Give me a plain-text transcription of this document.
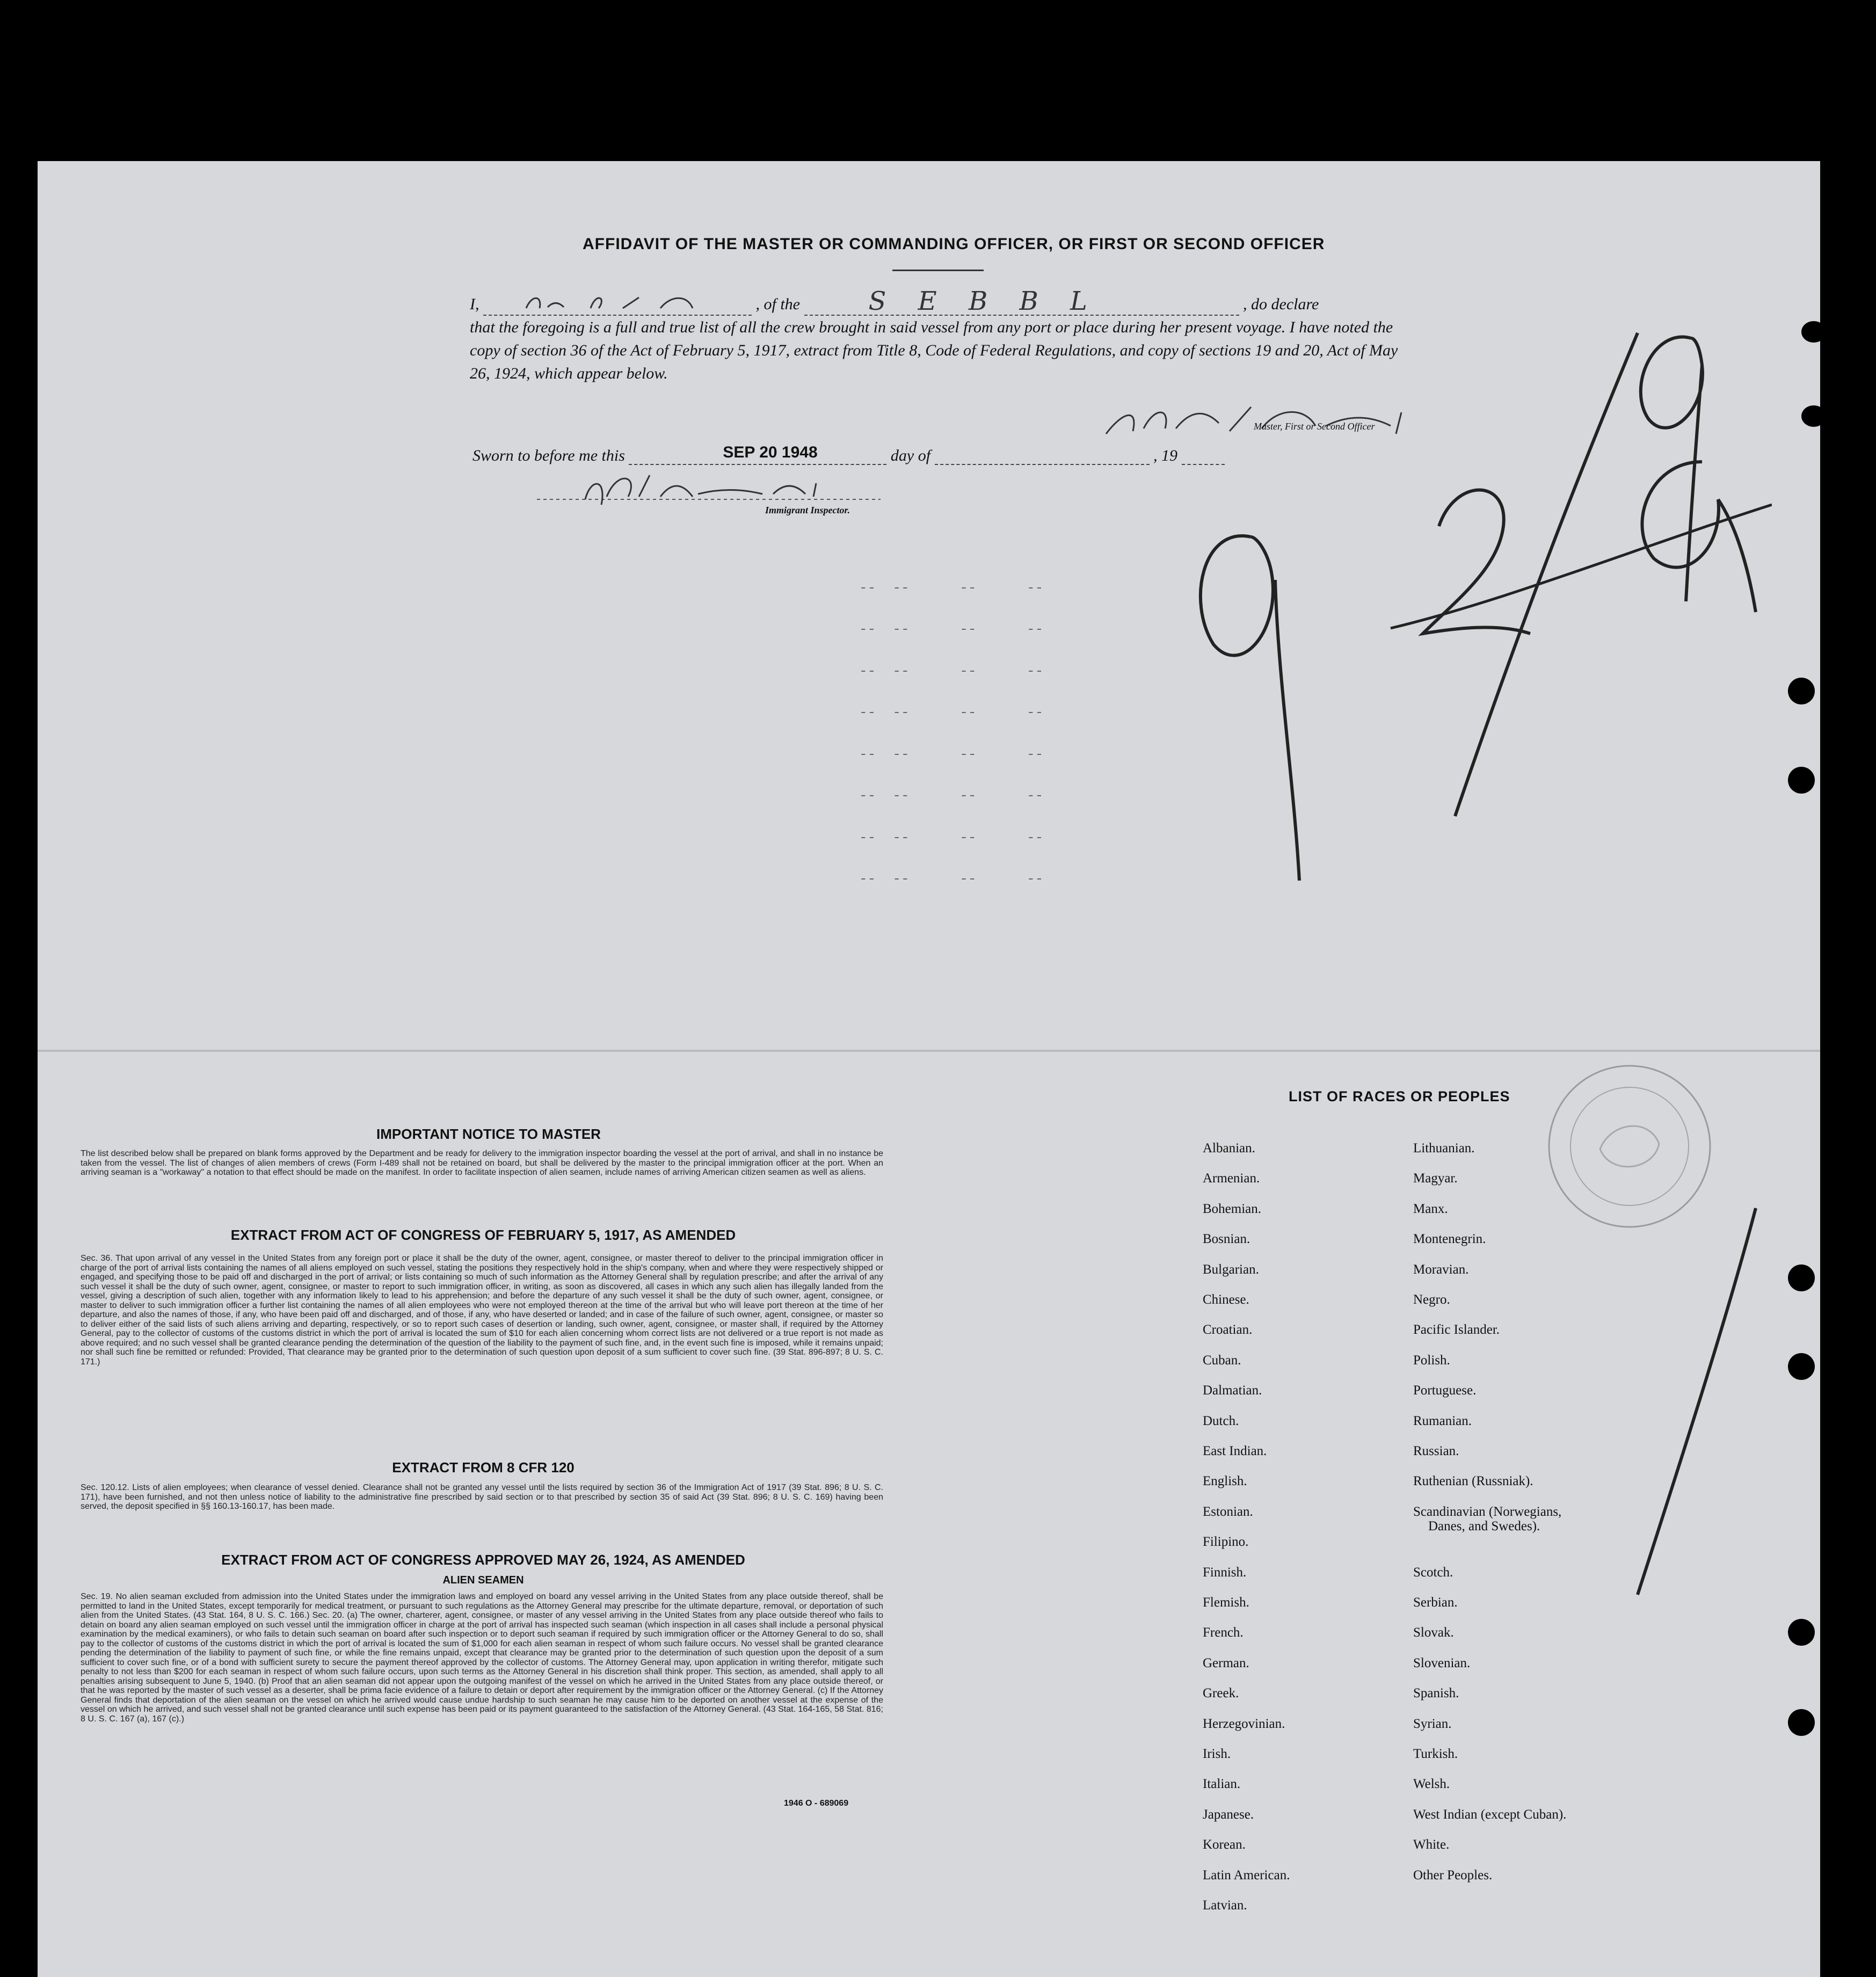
AFFIDAVIT OF THE MASTER OR COMMANDING OFFICER, OR FIRST OR SECOND OFFICER
I,	, of the	S E B B L	, do declare
that the foregoing is a full and true list of all the crew brought in said vessel from any port or place during her present voyage. I have noted the copy of section 36 of the Act of February 5, 1917, extract from Title 8, Code of Federal Regulations, and copy of sections 19 and 20, Act of May 26, 1924, which appear below.
Master, First or Second Officer
Sworn to before me this	SEP 20 1948	day of	, 19
Immigrant Inspector.
--  --      --      --
--  --      --      --
--  --      --      --
--  --      --      --
--  --      --      --
--  --      --      --
--  --      --      --
--  --      --      --
IMPORTANT NOTICE TO MASTER
The list described below shall be prepared on blank forms approved by the Department and be ready for delivery to the immigration inspector boarding the vessel at the port of arrival, and shall in no instance be taken from the vessel. The list of changes of alien members of crews (Form I-489 shall not be retained on board, but shall be delivered by the master to the principal immigration officer at the port. When an arriving seaman is a "workaway" a notation to that effect should be made on the manifest. In order to facilitate inspection of alien seamen, include names of arriving American citizen seamen as well as aliens.
EXTRACT FROM ACT OF CONGRESS OF FEBRUARY 5, 1917, AS AMENDED
Sec. 36. That upon arrival of any vessel in the United States from any foreign port or place it shall be the duty of the owner, agent, consignee, or master thereof to deliver to the principal immigration officer in charge of the port of arrival lists containing the names of all aliens employed on such vessel, stating the positions they respectively hold in the ship's company, when and where they were respectively shipped or engaged, and specifying those to be paid off and discharged in the port of arrival; or lists containing so much of such information as the Attorney General shall by regulation prescribe; and after the arrival of any such vessel it shall be the duty of such owner, agent, consignee, or master to report to such immigration officer, in writing, as soon as discovered, all cases in which any such alien has illegally landed from the vessel, giving a description of such alien, together with any information likely to lead to his apprehension; and before the departure of any such vessel it shall be the duty of such owner, agent, consignee, or master to deliver to such immigration officer a further list containing the names of all alien employees who were not employed thereon at the time of the arrival but who will leave port thereon at the time of her departure, and also the names of those, if any, who have been paid off and discharged, and of those, if any, who have deserted or landed; and in case of the failure of such owner, agent, consignee, or master so to deliver either of the said lists of such aliens arriving and departing, respectively, or so to report such cases of desertion or landing, such owner, agent, consignee, or master shall, if required by the Attorney General, pay to the collector of customs of the customs district in which the port of arrival is located the sum of $10 for each alien concerning whom correct lists are not delivered or a true report is not made as above required; and no such vessel shall be granted clearance pending the determination of the question of the liability to the payment of such fine, and, in the event such fine is imposed, while it remains unpaid; nor shall such fine be remitted or refunded: Provided, That clearance may be granted prior to the determination of such question upon deposit of a sum sufficient to cover such fine. (39 Stat. 896-897; 8 U. S. C. 171.)
EXTRACT FROM 8 CFR 120
Sec. 120.12. Lists of alien employees; when clearance of vessel denied. Clearance shall not be granted any vessel until the lists required by section 36 of the Immigration Act of 1917 (39 Stat. 896; 8 U. S. C. 171), have been furnished, and not then unless notice of liability to the administrative fine prescribed by said section or to that prescribed by section 35 of said Act (39 Stat. 896; 8 U. S. C. 169) having been served, the deposit specified in §§ 160.13-160.17, has been made.
EXTRACT FROM ACT OF CONGRESS APPROVED MAY 26, 1924, AS AMENDED
ALIEN SEAMEN
Sec. 19. No alien seaman excluded from admission into the United States under the immigration laws and employed on board any vessel arriving in the United States from any place outside thereof, shall be permitted to land in the United States, except temporarily for medical treatment, or pursuant to such regulations as the Attorney General may prescribe for the ultimate departure, removal, or deportation of such alien from the United States. (43 Stat. 164, 8 U. S. C. 166.) Sec. 20. (a) The owner, charterer, agent, consignee, or master of any vessel arriving in the United States from any place outside thereof who fails to detain on board any alien seaman employed on such vessel until the immigration officer in charge at the port of arrival has inspected such seaman (which inspection in all cases shall include a personal physical examination by the medical examiners), or who fails to detain such seaman on board after such inspection or to deport such seaman if required by such immigration officer or the Attorney General to do so, shall pay to the collector of customs of the customs district in which the port of arrival is located the sum of $1,000 for each alien seaman in respect of whom such failure occurs. No vessel shall be granted clearance pending the determination of the liability to payment of such fine, or while the fine remains unpaid, except that clearance may be granted prior to the determination of such question upon the deposit of a sum sufficient to cover such fine, or of a bond with sufficient surety to secure the payment thereof approved by the collector of customs. The Attorney General may, upon application in writing therefor, mitigate such penalty to not less than $200 for each seaman in respect of whom such failure occurs, upon such terms as the Attorney General in his discretion shall think proper. This section, as amended, shall apply to all penalties arising subsequent to June 5, 1940. (b) Proof that an alien seaman did not appear upon the outgoing manifest of the vessel on which he arrived in the United States from any place outside thereof, or that he was reported by the master of such vessel as a deserter, shall be prima facie evidence of a failure to detain or deport after requirement by the immigration officer or the Attorney General. (c) If the Attorney General finds that deportation of the alien seaman on the vessel on which he arrived would cause undue hardship to such seaman he may cause him to be deported on another vessel at the expense of the vessel on which he arrived, and such vessel shall not be granted clearance until such expense has been paid or its payment guaranteed to the satisfaction of the Attorney General. (43 Stat. 164-165, 58 Stat. 816; 8 U. S. C. 167 (a), 167 (c).)
1946 O - 689069
LIST OF RACES OR PEOPLES
Albanian.
Armenian.
Bohemian.
Bosnian.
Bulgarian.
Chinese.
Croatian.
Cuban.
Dalmatian.
Dutch.
East Indian.
English.
Estonian.
Filipino.
Finnish.
Flemish.
French.
German.
Greek.
Herzegovinian.
Irish.
Italian.
Japanese.
Korean.
Latin American.
Latvian.
Lithuanian.
Magyar.
Manx.
Montenegrin.
Moravian.
Negro.
Pacific Islander.
Polish.
Portuguese.
Rumanian.
Russian.
Ruthenian (Russniak).
Scandinavian (Norwegians,
Danes, and Swedes).
Scotch.
Serbian.
Slovak.
Slovenian.
Spanish.
Syrian.
Turkish.
Welsh.
West Indian (except Cuban).
White.
Other Peoples.
